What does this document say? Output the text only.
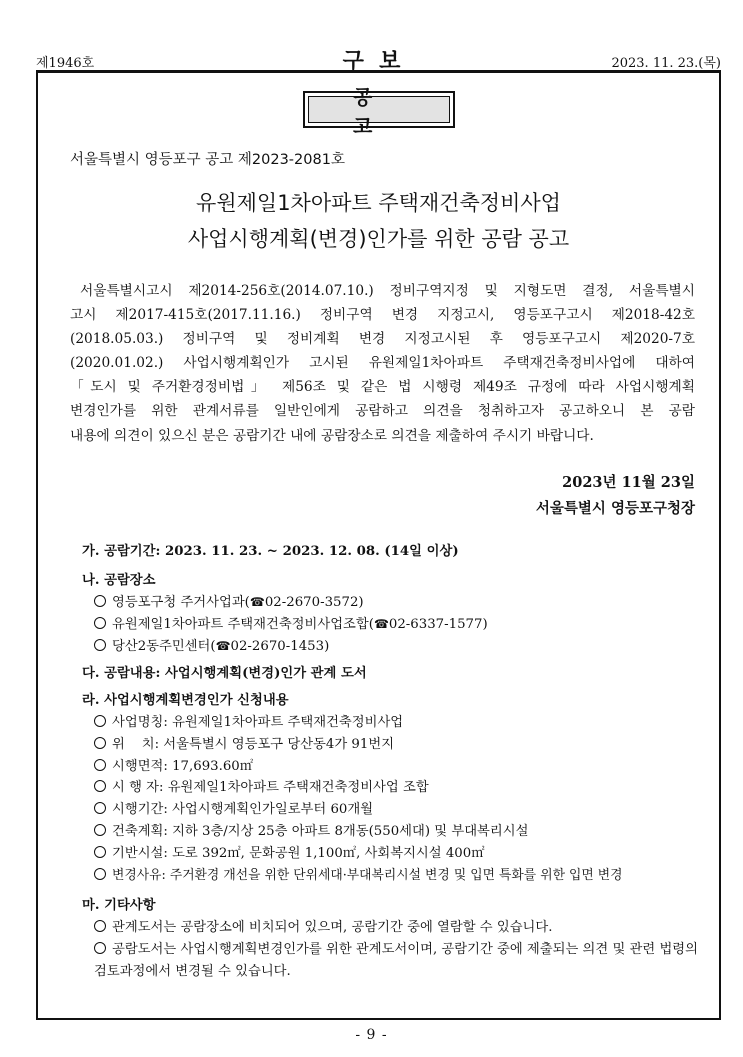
제1946호	구  보	2023. 11. 23.(목)
공고
서울특별시 영등포구 공고 제2023-2081호
유원제일1차아파트 주택재건축정비사업
사업시행계획(변경)인가를 위한 공람 공고
서울특별시고시 제2014-256호(2014.07.10.) 정비구역지정 및 지형도면 결정, 서울특별시
고시 제2017-415호(2017.11.16.) 정비구역 변경 지정고시, 영등포구고시 제2018-42호
(2018.05.03.) 정비구역 및 정비계획 변경 지정고시된 후 영등포구고시 제2020-7호
(2020.01.02.) 사업시행계획인가 고시된 유원제일1차아파트 주택재건축정비사업에 대하여
「도시 및 주거환경정비법」 제56조 및 같은 법 시행령 제49조 규정에 따라 사업시행계획
변경인가를 위한 관계서류를 일반인에게 공람하고 의견을 청취하고자 공고하오니 본 공람
내용에 의견이 있으신 분은 공람기간 내에 공람장소로 의견을 제출하여 주시기 바랍니다.
2023년 11월 23일
서울특별시 영등포구청장
가. 공람기간: 2023. 11. 23. ~ 2023. 12. 08. (14일 이상)
나. 공람장소
영등포구청 주거사업과(☎02-2670-3572)
유원제일1차아파트 주택재건축정비사업조합(☎02-6337-1577)
당산2동주민센터(☎02-2670-1453)
다. 공람내용: 사업시행계획(변경)인가 관계 도서
라. 사업시행계획변경인가 신청내용
사업명칭: 유원제일1차아파트 주택재건축정비사업
위    치: 서울특별시 영등포구 당산동4가 91번지
시행면적: 17,693.60㎡
시 행 자: 유원제일1차아파트 주택재건축정비사업 조합
시행기간: 사업시행계획인가일로부터 60개월
건축계획: 지하 3층/지상 25층 아파트 8개동(550세대) 및 부대복리시설
기반시설: 도로 392㎡, 문화공원 1,100㎡, 사회복지시설 400㎡
변경사유: 주거환경 개선을 위한 단위세대·부대복리시설 변경 및 입면 특화를 위한 입면 변경
마. 기타사항
관계도서는 공람장소에 비치되어 있으며, 공람기간 중에 열람할 수 있습니다.
공람도서는 사업시행계획변경인가를 위한 관계도서이며, 공람기간 중에 제출되는 의견 및 관련 법령의 검토과정에서 변경될 수 있습니다.
- 9 -
